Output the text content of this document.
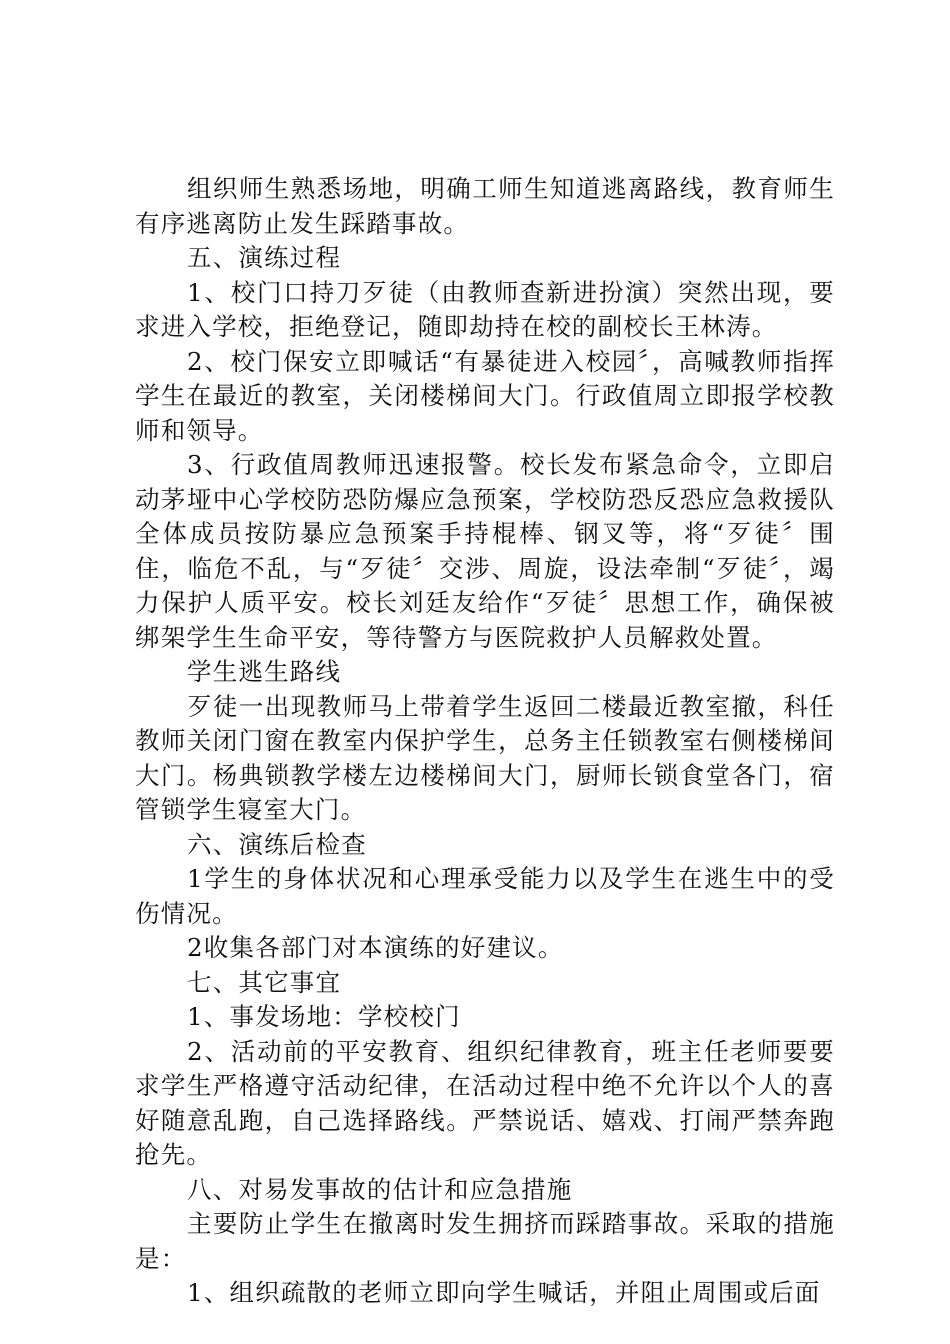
组织师生熟悉场地，明确工师生知道逃离路线，教育师生有序逃离防止发生踩踏事故。

五、演练过程

1、校门口持刀歹徒（由教师查新进扮演）突然出现，要求进入学校，拒绝登记，随即劫持在校的副校长王林涛。

2、校门保安立即喊话“有暴徒进入校园〞，高喊教师指挥学生在最近的教室，关闭楼梯间大门。行政值周立即报学校教师和领导。

3、行政值周教师迅速报警。校长发布紧急命令，立即启动茅垭中心学校防恐防爆应急预案，学校防恐反恐应急救援队全体成员按防暴应急预案手持棍棒、钢叉等，将“歹徒〞围住，临危不乱，与“歹徒〞交涉、周旋，设法牵制“歹徒〞，竭力保护人质平安。校长刘廷友给作“歹徒〞思想工作，确保被绑架学生生命平安，等待警方与医院救护人员解救处置。

学生逃生路线

歹徒一出现教师马上带着学生返回二楼最近教室撤，科任教师关闭门窗在教室内保护学生，总务主任锁教室右侧楼梯间大门。杨典锁教学楼左边楼梯间大门，厨师长锁食堂各门，宿管锁学生寝室大门。

六、演练后检查

1学生的身体状况和心理承受能力以及学生在逃生中的受伤情况。

2收集各部门对本演练的好建议。

七、其它事宜

1、事发场地：学校校门

2、活动前的平安教育、组织纪律教育，班主任老师要要求学生严格遵守活动纪律，在活动过程中绝不允许以个人的喜好随意乱跑，自己选择路线。严禁说话、嬉戏、打闹严禁奔跑抢先。

八、对易发事故的估计和应急措施

主要防止学生在撤离时发生拥挤而踩踏事故。采取的措施是：

1、组织疏散的老师立即向学生喊话，并阻止周围或后面
